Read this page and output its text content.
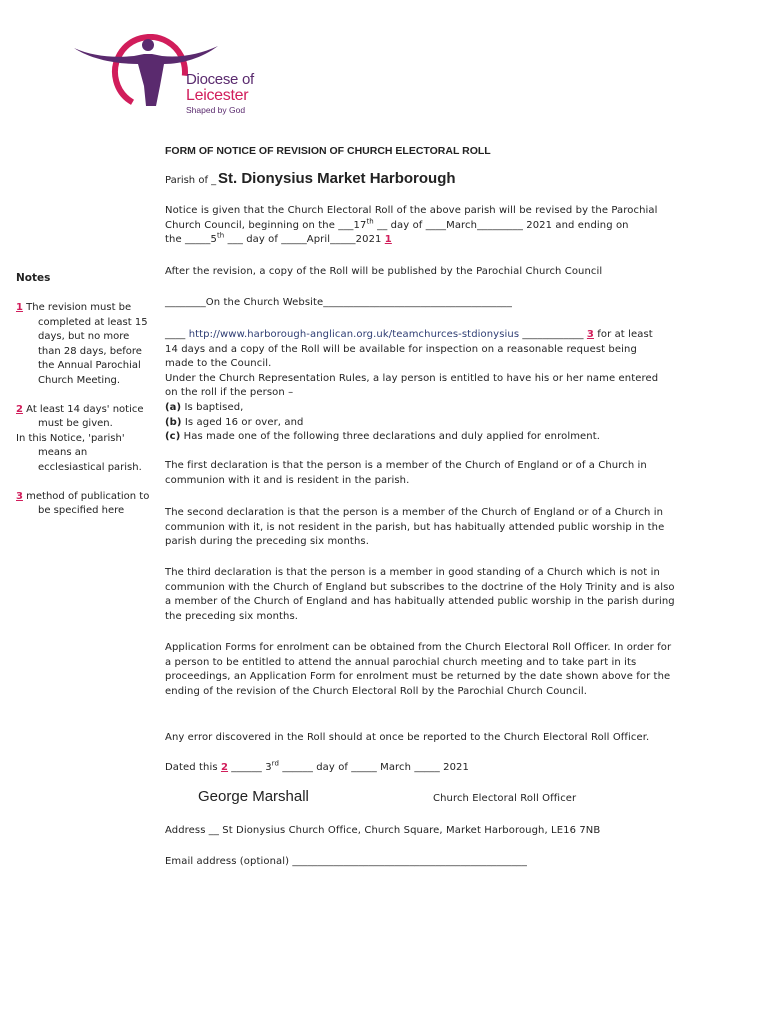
Diocese of
Leicester
Shaped by God
FORM OF NOTICE OF REVISION OF CHURCH ELECTORAL ROLL
Parish of _ St. Dionysius Market Harborough
Notice is given that the Church Electoral Roll of the above parish will be revised by the Parochial
Church Council, beginning on the ___17th __ day of ____March_________ 2021 and ending on
the _____5th ___ day of _____April_____2021 1
After the revision, a copy of the Roll will be published by the Parochial Church Council
________On the Church Website_____________________________________
____ http://www.harborough-anglican.org.uk/teamchurces-stdionysius ____________ 3 for at least
14 days and a copy of the Roll will be available for inspection on a reasonable request being
made to the Council.
Under the Church Representation Rules, a lay person is entitled to have his or her name entered
on the roll if the person –
(a) Is baptised,
(b) Is aged 16 or over, and
(c) Has made one of the following three declarations and duly applied for enrolment.
The first declaration is that the person is a member of the Church of England or of a Church in communion with it and is resident in the parish.
The second declaration is that the person is a member of the Church of England or of a Church in communion with it, is not resident in the parish, but has habitually attended public worship in the parish during the preceding six months.
The third declaration is that the person is a member in good standing of a Church which is not in communion with the Church of England but subscribes to the doctrine of the Holy Trinity and is also a member of the Church of England and has habitually attended public worship in the parish during the preceding six months.
Application Forms for enrolment can be obtained from the Church Electoral Roll Officer. In order for a person to be entitled to attend the annual parochial church meeting and to take part in its proceedings, an Application Form for enrolment must be returned by the date shown above for the ending of the revision of the Church Electoral Roll by the Parochial Church Council.
Any error discovered in the Roll should at once be reported to the Church Electoral Roll Officer.
Dated this 2 ______ 3rd ______ day of _____ March _____ 2021
George Marshall	Church Electoral Roll Officer
Address __ St Dionysius Church Office, Church Square, Market Harborough, LE16 7NB
Email address (optional) ______________________________________________
Notes
1 The revision must be completed at least 15 days, but no more than 28 days, before the Annual Parochial Church Meeting.
2 At least 14 days' notice must be given.
In this Notice, 'parish' means an ecclesiastical parish.
3 method of publication to be specified here
